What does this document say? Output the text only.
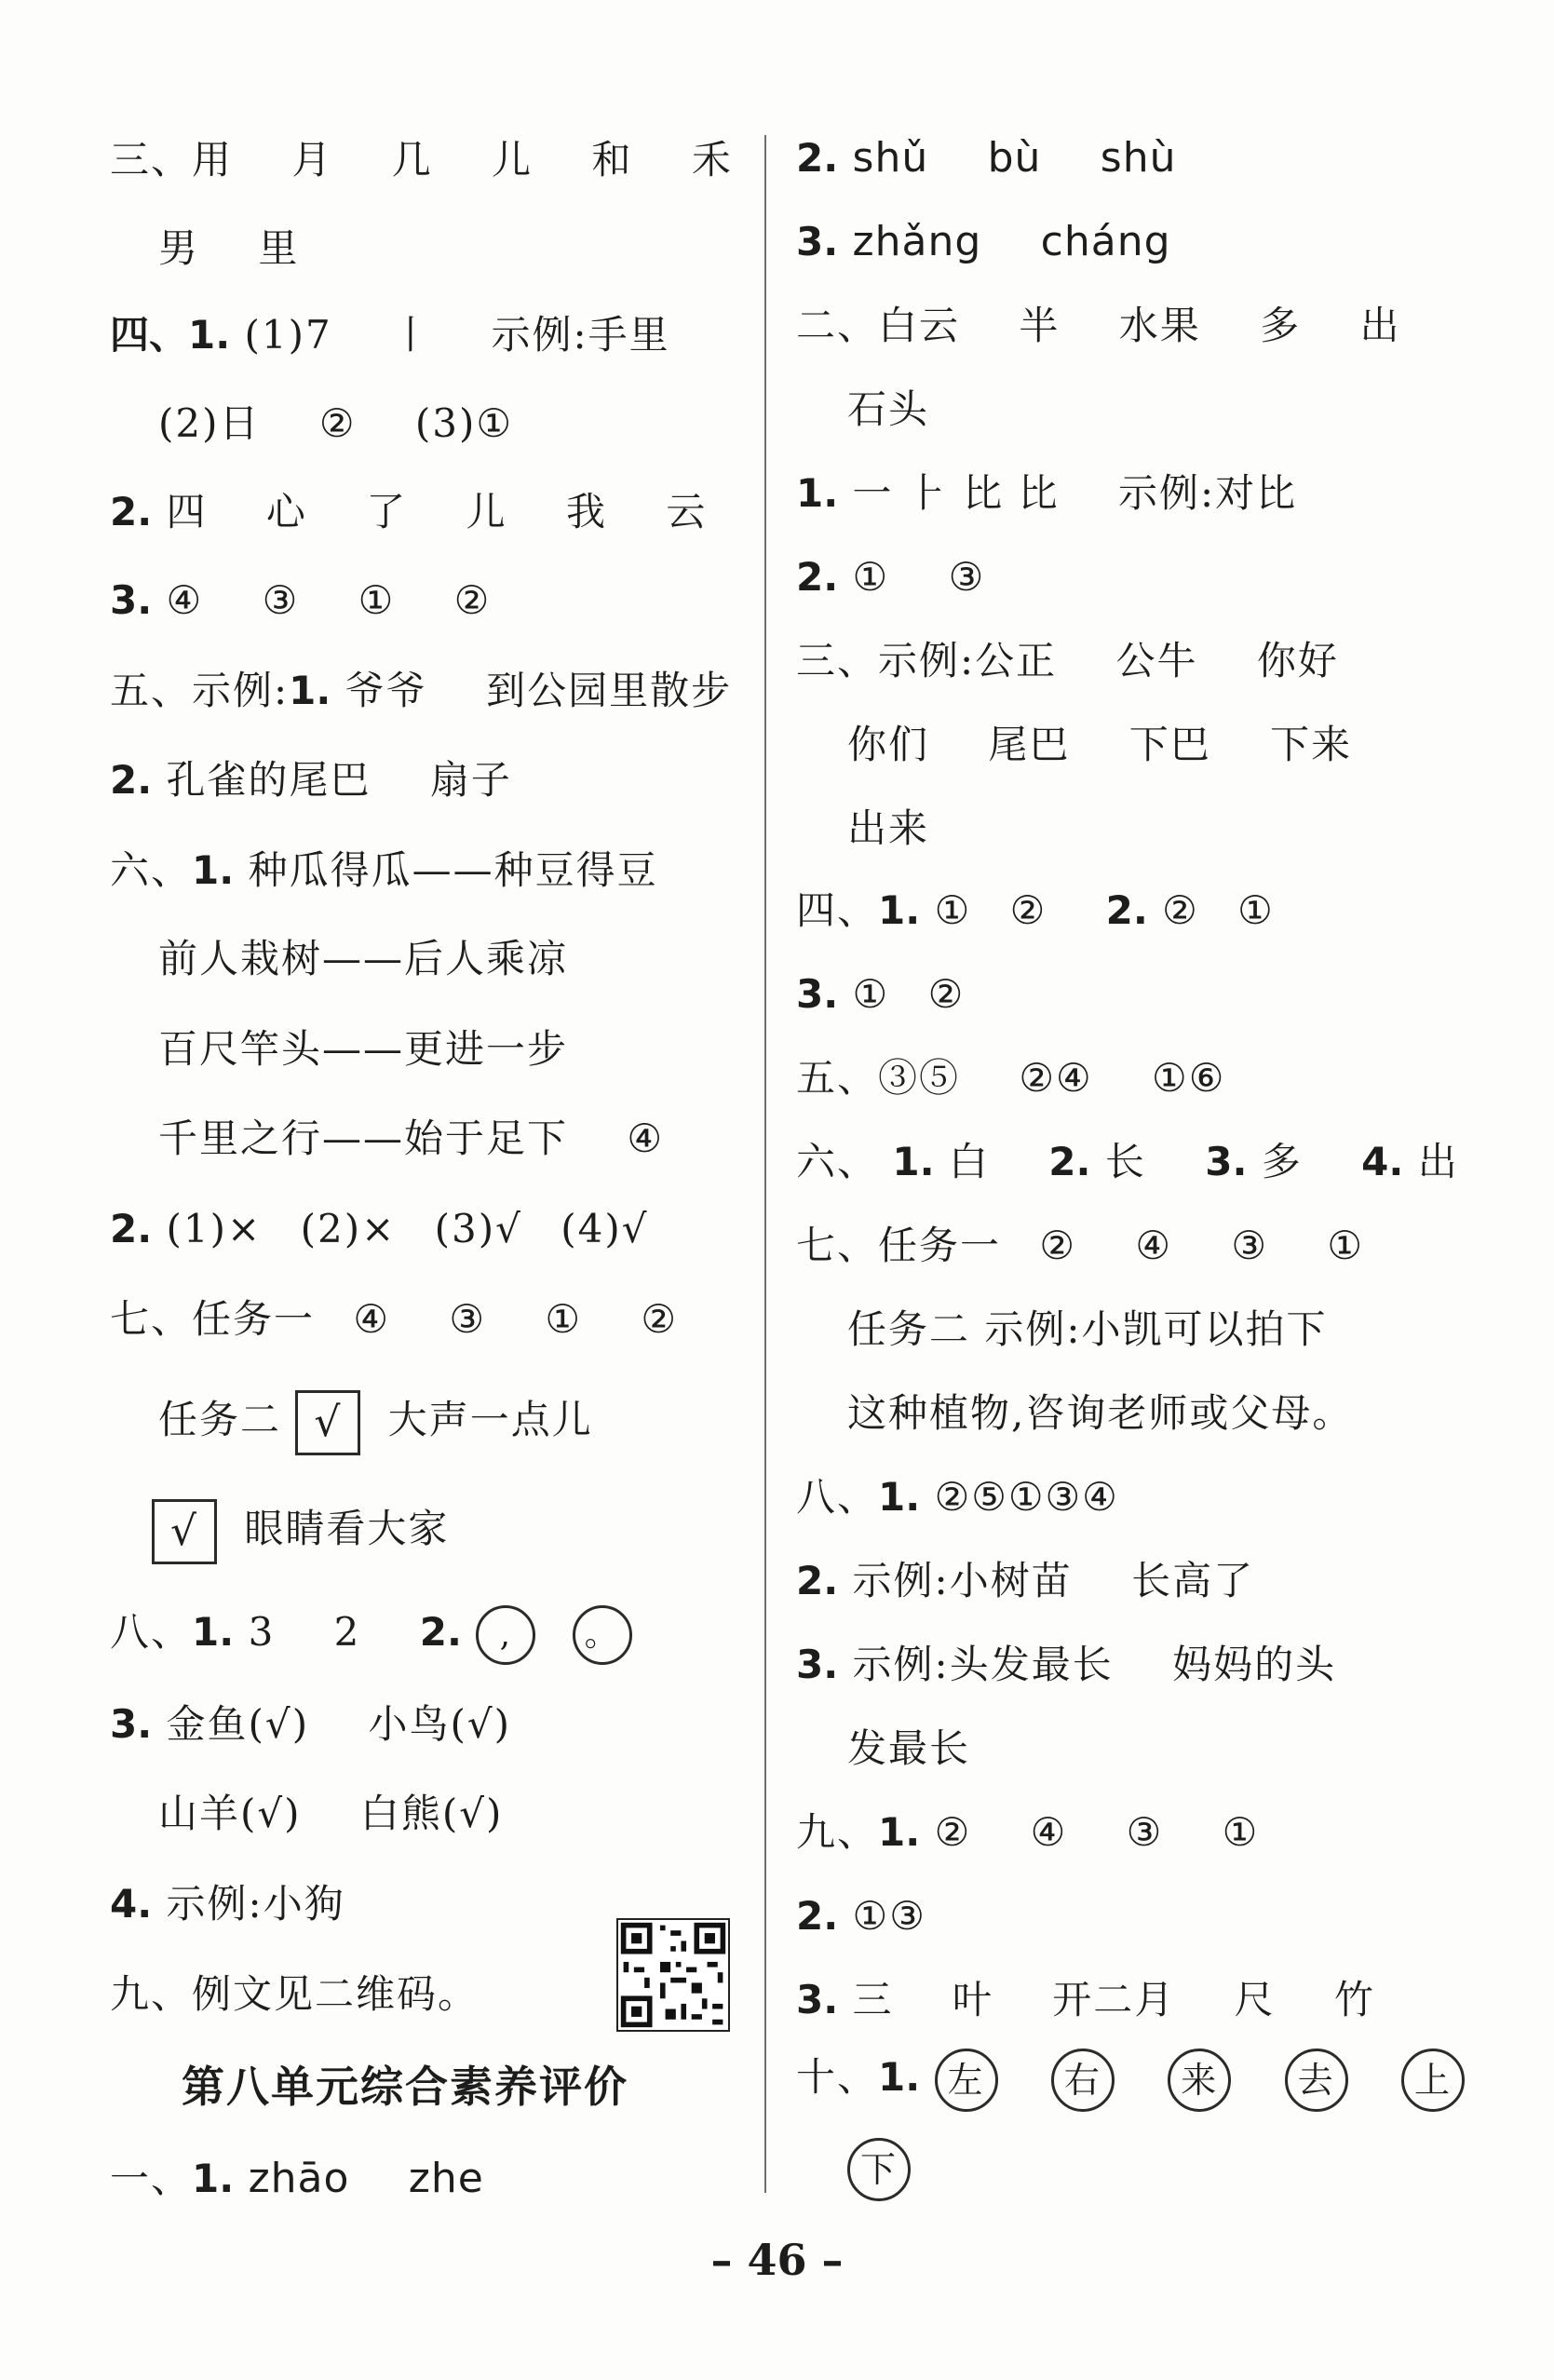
三、用 月 几 儿 和 禾
男 里
四、1. (1)7 丨 示例:手里
(2)日 ② (3)①
2. 四 心 了 儿 我 云
3. ④ ③ ① ②
五、示例:1. 爷爷 到公园里散步
2. 孔雀的尾巴 扇子
六、1. 种瓜得瓜——种豆得豆
前人栽树——后人乘凉
百尺竿头——更进一步
千里之行——始于足下 ④
2. (1)× (2)× (3)√ (4)√
七、任务一 ④ ③ ① ②
任务二 √ 大声一点儿
√ 眼睛看大家
八、1. 3 2 2. , 。
3. 金鱼(√) 小鸟(√)
山羊(√) 白熊(√)
4. 示例:小狗
九、例文见二维码。
第八单元综合素养评价
一、1. zhāo zhe
2. shǔ bù shù
3. zhǎng cháng
二、白云 半 水果 多 出
石头
1. 一 ⺊ 比 比 示例:对比
2. ① ③
三、示例:公正 公牛 你好
你们 尾巴 下巴 下来
出来
四、1. ① ② 2. ② ①
3. ① ②
五、③⑤ ②④ ①⑥
六、 1. 白 2. 长 3. 多 4. 出
七、任务一 ② ④ ③ ①
任务二 示例:小凯可以拍下
这种植物,咨询老师或父母。
八、1. ②⑤①③④
2. 示例:小树苗 长高了
3. 示例:头发最长 妈妈的头
发最长
九、1. ② ④ ③ ①
2. ①③
3. 三 叶 开二月 尺 竹
十、1. 左 右 来 去 上
下
– 46 –
